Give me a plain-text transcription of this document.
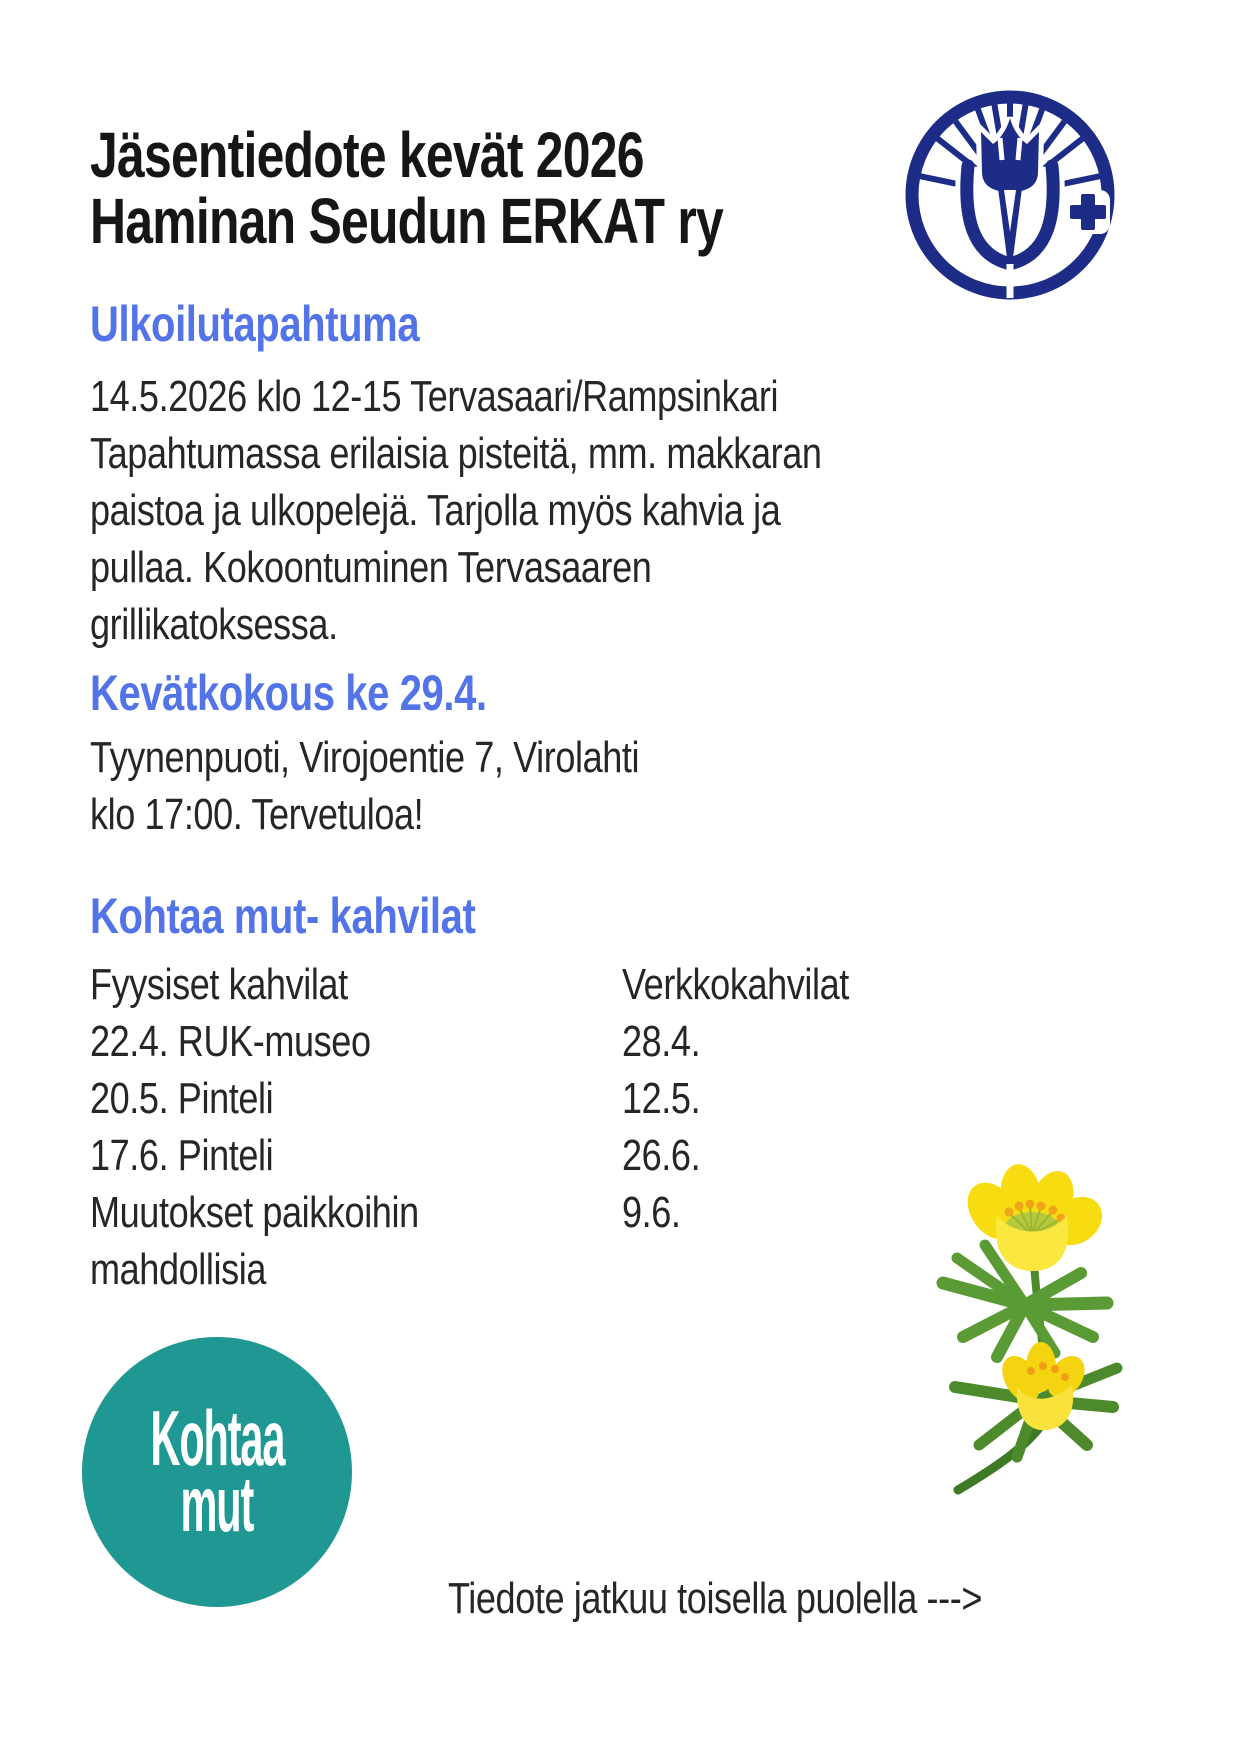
Jäsentiedote kevät 2026
Haminan Seudun ERKAT ry
Ulkoilutapahtuma
14.5.2026 klo 12-15 Tervasaari/Rampsinkari
Tapahtumassa erilaisia pisteitä, mm. makkaran
paistoa ja ulkopelejä. Tarjolla myös kahvia ja
pullaa. Kokoontuminen Tervasaaren
grillikatoksessa.
Kevätkokous ke 29.4.
Tyynenpuoti, Virojoentie 7, Virolahti
klo 17:00. Tervetuloa!
Kohtaa mut- kahvilat
Fyysiset kahvilat
22.4. RUK-museo
20.5. Pinteli
17.6. Pinteli
Muutokset paikkoihin
mahdollisia
Verkkokahvilat
28.4.
12.5.
26.6.
9.6.
Kohtaa
mut
Tiedote jatkuu toisella puolella --->
